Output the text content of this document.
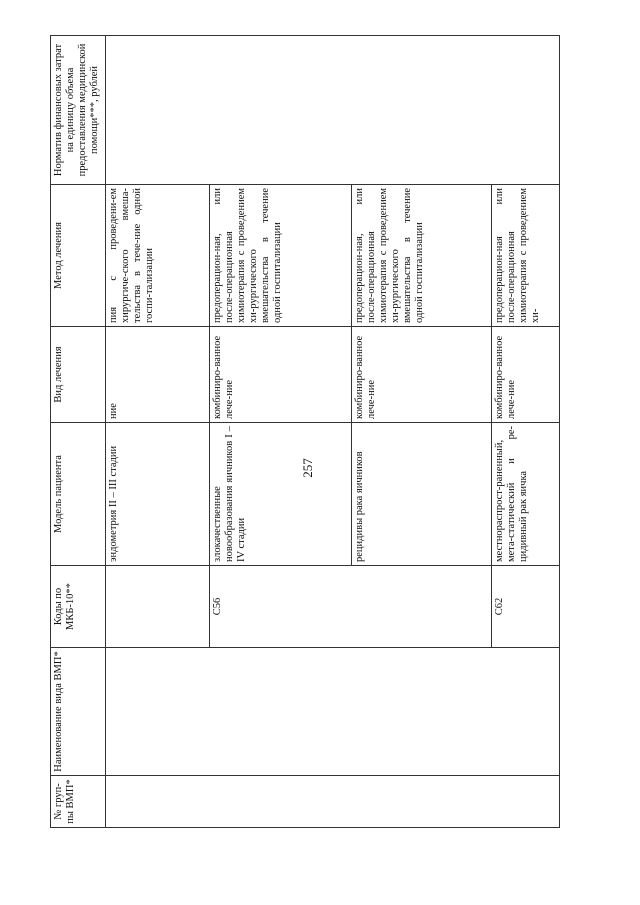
257
№ груп-пы ВМП*	Наименование вида ВМП*	Коды по МКБ-10**	Модель пациента	Вид лечения	Метод лечения	Норматив финансовых затрат на единицу объема предоставления медицинской помощи***, рублей
			эндометрия II – III стадии	ние	пия с проведени-ем хирургиче-ского вмеша-тельства в тече-ние одной госпи-тализации	
		C56	злокачественные новообразования яичников I – IV стадии	комбиниро-ванное лече-ние	предоперацион-ная, или после-операционная химиотерапия с проведением хи-рургического вмешательства в течение одной госпитализации	
			рецидивы рака яичников	комбиниро-ванное лече-ние	предоперацион-ная, или после-операционная химиотерапия с проведением хи-рургического вмешательства в течение одной госпитализации	
		C62	местнораспрост-раненный, мета-статический и ре-цидивный рак яичка	комбиниро-ванное лече-ние	предоперацион-ная или после-операционная химиотерапия с проведением хи-	
